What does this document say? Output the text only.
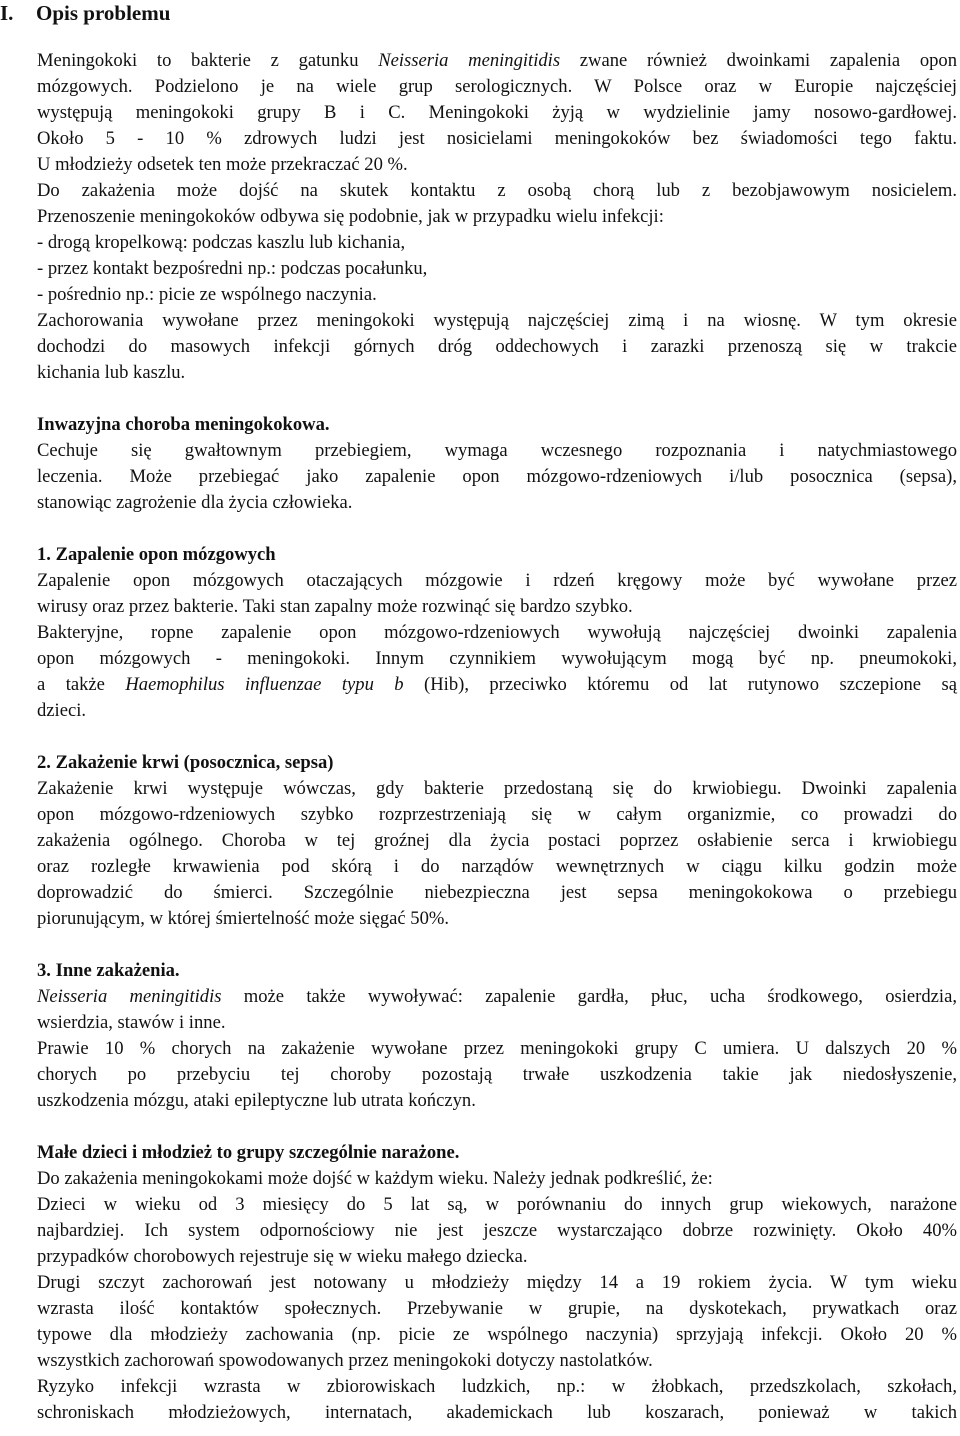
I. Opis problemu
Meningokoki to bakterie z gatunku Neisseria meningitidis zwane również dwoinkami zapalenia opon
mózgowych. Podzielono je na wiele grup serologicznych. W Polsce oraz w Europie najczęściej
występują meningokoki grupy B i C. Meningokoki żyją w wydzielinie jamy nosowo-gardłowej.
Około 5 - 10 % zdrowych ludzi jest nosicielami meningokoków bez świadomości tego faktu.
U młodzieży odsetek ten może przekraczać 20 %.
Do zakażenia może dojść na skutek kontaktu z osobą chorą lub z bezobjawowym nosicielem.
Przenoszenie meningokoków odbywa się podobnie, jak w przypadku wielu infekcji:
- drogą kropelkową: podczas kaszlu lub kichania,
- przez kontakt bezpośredni np.: podczas pocałunku,
- pośrednio np.: picie ze wspólnego naczynia.
Zachorowania wywołane przez meningokoki występują najczęściej zimą i na wiosnę. W tym okresie
dochodzi do masowych infekcji górnych dróg oddechowych i zarazki przenoszą się w trakcie
kichania lub kaszlu.
Inwazyjna choroba meningokokowa.
Cechuje się gwałtownym przebiegiem, wymaga wczesnego rozpoznania i natychmiastowego
leczenia. Może przebiegać jako zapalenie opon mózgowo-rdzeniowych i/lub posocznica (sepsa),
stanowiąc zagrożenie dla życia człowieka.
1. Zapalenie opon mózgowych
Zapalenie opon mózgowych otaczających mózgowie i rdzeń kręgowy może być wywołane przez
wirusy oraz przez bakterie. Taki stan zapalny może rozwinąć się bardzo szybko.
Bakteryjne, ropne zapalenie opon mózgowo-rdzeniowych wywołują najczęściej dwoinki zapalenia
opon mózgowych - meningokoki. Innym czynnikiem wywołującym mogą być np. pneumokoki,
a także Haemophilus influenzae typu b (Hib), przeciwko któremu od lat rutynowo szczepione są
dzieci.
2. Zakażenie krwi (posocznica, sepsa)
Zakażenie krwi występuje wówczas, gdy bakterie przedostaną się do krwiobiegu. Dwoinki zapalenia
opon mózgowo-rdzeniowych szybko rozprzestrzeniają się w całym organizmie, co prowadzi do
zakażenia ogólnego. Choroba w tej groźnej dla życia postaci poprzez osłabienie serca i krwiobiegu
oraz rozległe krwawienia pod skórą i do narządów wewnętrznych w ciągu kilku godzin może
doprowadzić do śmierci. Szczególnie niebezpieczna jest sepsa meningokokowa o przebiegu
piorunującym, w której śmiertelność może sięgać 50%.
3. Inne zakażenia.
Neisseria meningitidis może także wywoływać: zapalenie gardła, płuc, ucha środkowego, osierdzia,
wsierdzia, stawów i inne.
Prawie 10 % chorych na zakażenie wywołane przez meningokoki grupy C umiera. U dalszych 20 %
chorych po przebyciu tej choroby pozostają trwałe uszkodzenia takie jak niedosłyszenie,
uszkodzenia mózgu, ataki epileptyczne lub utrata kończyn.
Małe dzieci i młodzież to grupy szczególnie narażone.
Do zakażenia meningokokami może dojść w każdym wieku. Należy jednak podkreślić, że:
Dzieci w wieku od 3 miesięcy do 5 lat są, w porównaniu do innych grup wiekowych, narażone
najbardziej. Ich system odpornościowy nie jest jeszcze wystarczająco dobrze rozwinięty. Około 40%
przypadków chorobowych rejestruje się w wieku małego dziecka.
Drugi szczyt zachorowań jest notowany u młodzieży między 14 a 19 rokiem życia. W tym wieku
wzrasta ilość kontaktów społecznych. Przebywanie w grupie, na dyskotekach, prywatkach oraz
typowe dla młodzieży zachowania (np. picie ze wspólnego naczynia) sprzyjają infekcji. Około 20 %
wszystkich zachorowań spowodowanych przez meningokoki dotyczy nastolatków.
Ryzyko infekcji wzrasta w zbiorowiskach ludzkich, np.: w żłobkach, przedszkolach, szkołach,
schroniskach młodzieżowych, internatach, akademickach lub koszarach, ponieważ w takich
